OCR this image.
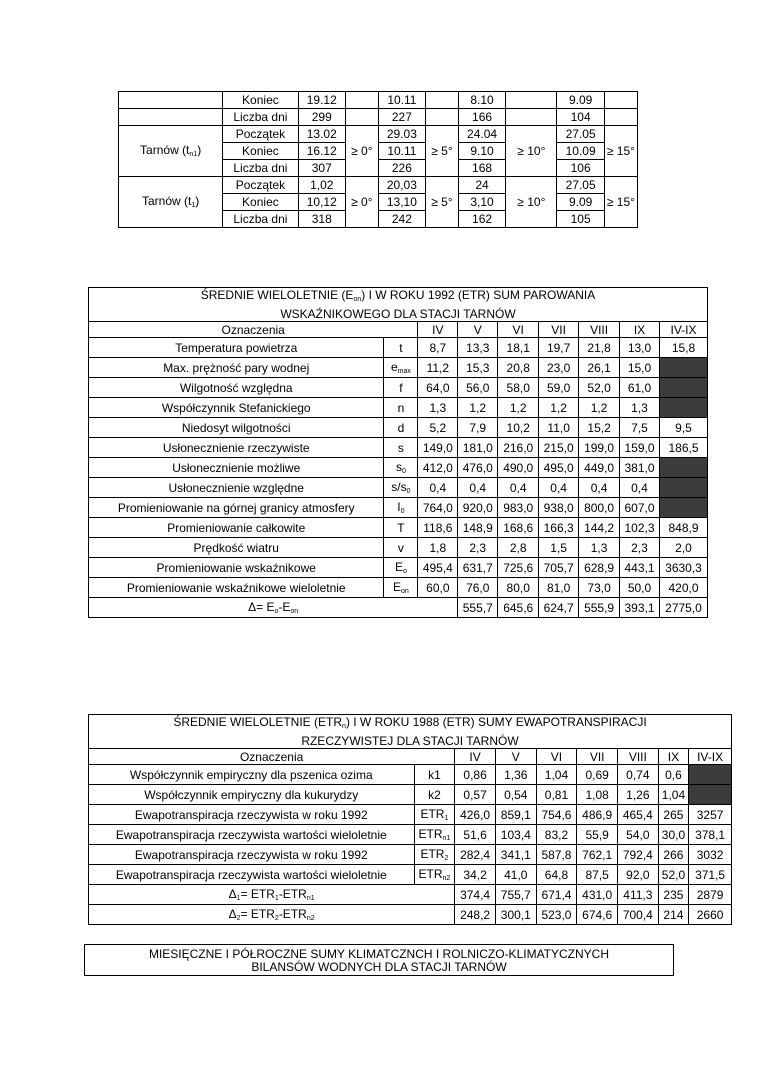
	Koniec	19.12		10.11		8.10		9.09	
	Liczba dni	299		227		166		104	
Tarnów $(t_{n1})$	Początek	13.02	≥ 0°	29.03	≥ 5°	24.04	≥ 10°	27.05	≥ 15°
	Koniec	16.12		10.11		9.10		10.09	
	Liczba dni	307		226		168		106	
Tarnów $(t_1)$	Początek	1,02	≥ 0°	20,03	≥ 5°	24	≥ 10°	27.05	≥ 15°
	Koniec	10,12		13,10		3,10		9.09	
	Liczba dni	318		242		162		105	
ŚREDNIE WIELOLETNIE $(E_{on})$ I W ROKU 1992 (ETR) SUM PAROWANIA
WSKAŹNIKOWEGO DLA STACJI TARNÓW								
Oznaczenia		IV	V	VI	VII	VIII	IX	IV-IX
Temperatura powietrza	t	8,7	13,3	18,1	19,7	21,8	13,0	15,8
Max. prężność pary wodnej	$e_{max}$	11,2	15,3	20,8	23,0	26,1	15,0	
Wilgotność względna	f	64,0	56,0	58,0	59,0	52,0	61,0	
Współczynnik Stefanickiego	n	1,3	1,2	1,2	1,2	1,2	1,3	
Niedosyt wilgotności	d	5,2	7,9	10,2	11,0	15,2	7,5	9,5
Usłonecznienie rzeczywiste	s	149,0	181,0	216,0	215,0	199,0	159,0	186,5
Usłonecznienie możliwe	$s_0$	412,0	476,0	490,0	495,0	449,0	381,0	
Usłonecznienie względne	$s/s_0$	0,4	0,4	0,4	0,4	0,4	0,4	
Promieniowanie na górnej granicy atmosfery	$I_0$	764,0	920,0	983,0	938,0	800,0	607,0	
Promieniowanie całkowite	T	118,6	148,9	168,6	166,3	144,2	102,3	848,9
Prędkość wiatru	v	1,8	2,3	2,8	1,5	1,3	2,3	2,0
Promieniowanie wskaźnikowe	$E_o$	495,4	631,7	725,6	705,7	628,9	443,1	3630,3
Promieniowanie wskaźnikowe wieloletnie	$E_{on}$	60,0	76,0	80,0	81,0	73,0	50,0	420,0
$\Delta= E_o-E_{on}$			555,7	645,6	624,7	555,9	393,1	2775,0
ŚREDNIE WIELOLETNIE $(ETR_n)$ I W ROKU 1988 (ETR) SUMY EWAPOTRANSPIRACJI
RZECZYWISTEJ DLA STACJI TARNÓW								
Oznaczenia		IV	V	VI	VII	VIII	IX	IV-IX
Współczynnik empiryczny dla pszenica ozima	k1	0,86	1,36	1,04	0,69	0,74	0,6	
Współczynnik empiryczny dla kukurydzy	k2	0,57	0,54	0,81	1,08	1,26	1,04	
Ewapotranspiracja rzeczywista w roku 1992	$ETR_1$	426,0	859,1	754,6	486,9	465,4	265	3257
Ewapotranspiracja rzeczywista wartości wieloletnie	$ETR_{n1}$	51,6	103,4	83,2	55,9	54,0	30,0	378,1
Ewapotranspiracja rzeczywista w roku 1992	$ETR_2$	282,4	341,1	587,8	762,1	792,4	266	3032
Ewapotranspiracja rzeczywista wartości wieloletnie	$ETR_{n2}$	34,2	41,0	64,8	87,5	92,0	52,0	371,5
$\Delta_1= ETR_1-ETR_{n1}$		374,4	755,7	671,4	431,0	411,3	235	2879
$\Delta_2= ETR_2-ETR_{n2}$		248,2	300,1	523,0	674,6	700,4	214	2660
MIESIĘCZNE I PÓŁROCZNE SUMY KLIMATCZNCH I ROLNICZO-KLIMATYCZNYCH
BILANSÓW WODNYCH DLA STACJI TARNÓW
